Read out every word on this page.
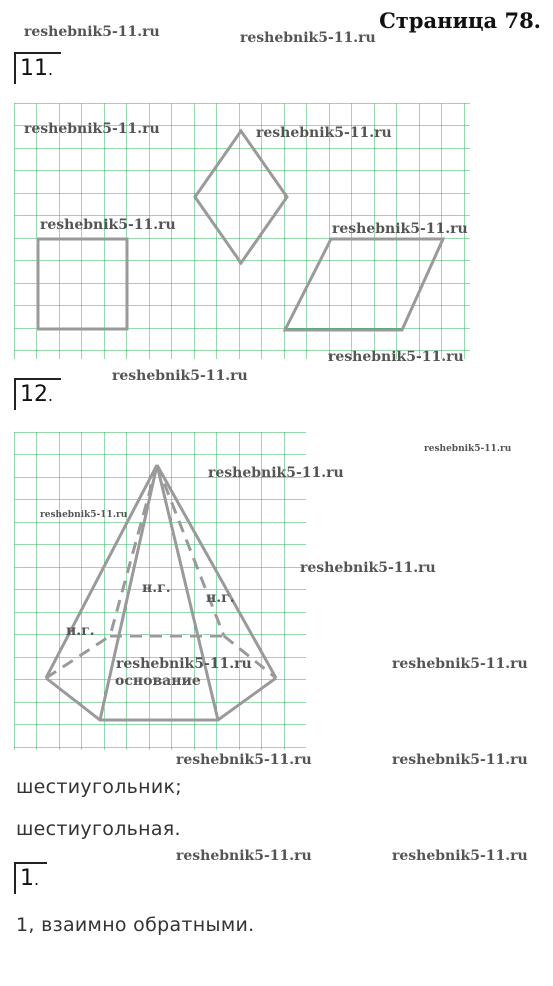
Страница 78.
reshebnik5-11.ru	reshebnik5-11.ru
11.
reshebnik5-11.ru	reshebnik5-11.ru
reshebnik5-11.ru	reshebnik5-11.ru
reshebnik5-11.ru
12.
reshebnik5-11.ru
н.г.
н.г.
н.г.
reshebnik5-11.ru
основание
reshebnik5-11.ru
reshebnik5-11.ru
reshebnik5-11.ru
reshebnik5-11.ru
reshebnik5-11.ru
reshebnik5-11.ru	reshebnik5-11.ru
шестиугольник;
шестиугольная.
reshebnik5-11.ru	reshebnik5-11.ru
1.
1, взаимно обратными.
